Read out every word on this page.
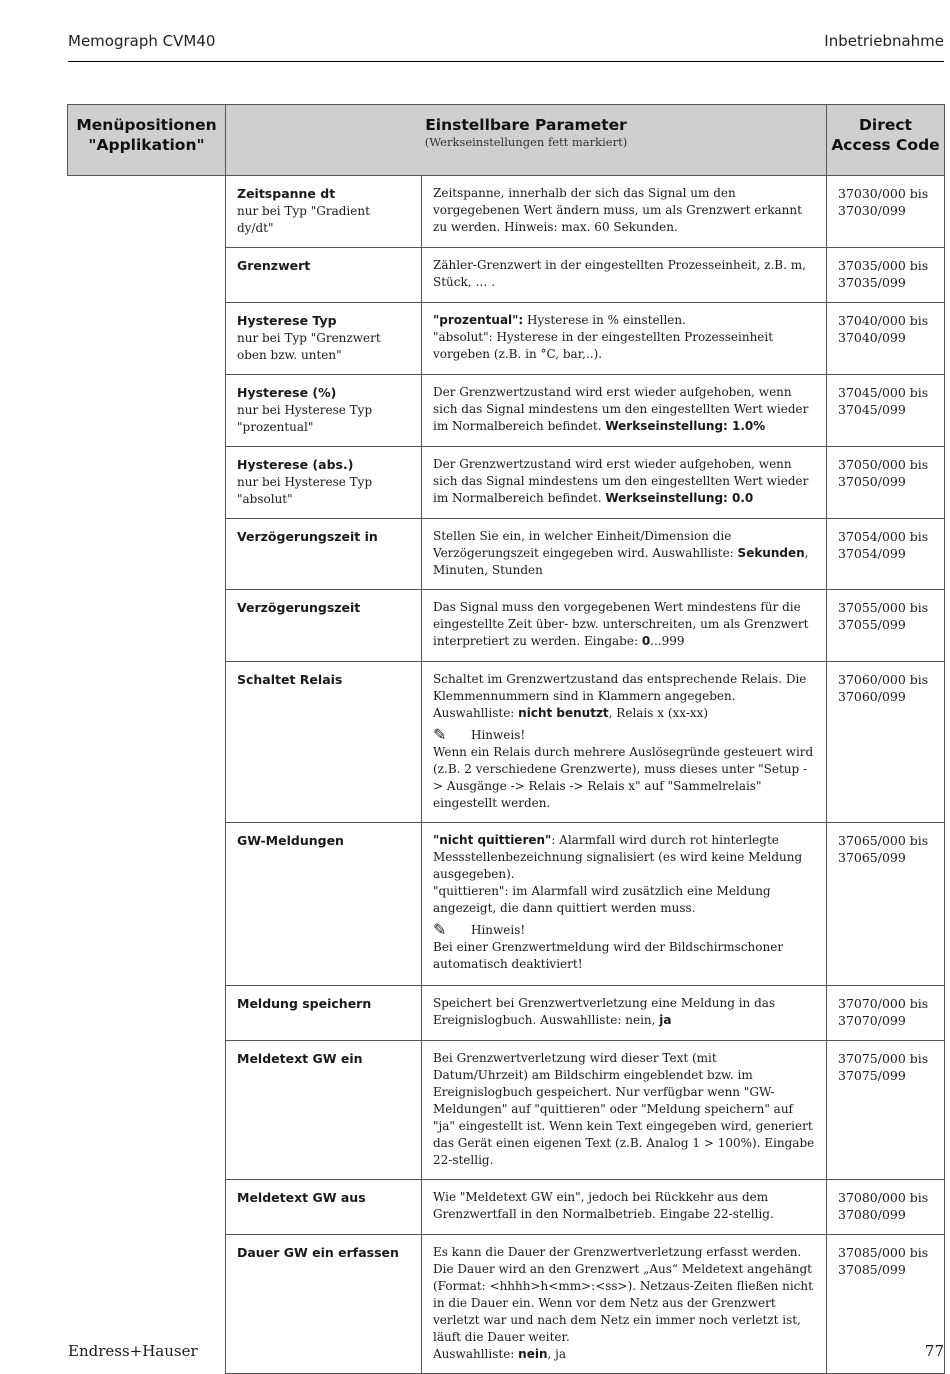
Memograph CVM40	Inbetriebnahme
Menüpositionen
"Applikation"	Einstellbare Parameter
(Werkseinstellungen fett markiert)		Direct
Access Code
	Zeitspanne dt
nur bei Typ "Gradient dy/dt"	Zeitspanne, innerhalb der sich das Signal um den vorgegebenen Wert ändern muss, um als Grenzwert erkannt zu werden. Hinweis: max. 60 Sekunden.	37030/000 bis
37030/099
	Grenzwert	Zähler-Grenzwert in der eingestellten Prozesseinheit, z.B. m, Stück, … .	37035/000 bis
37035/099
	Hysterese Typ
nur bei Typ "Grenzwert oben bzw. unten"	"prozentual": Hysterese in % einstellen.
"absolut": Hysterese in der eingestellten Prozesseinheit vorgeben (z.B. in °C, bar,..).	37040/000 bis
37040/099
	Hysterese (%)
nur bei Hysterese Typ "prozentual"	Der Grenzwertzustand wird erst wieder aufgehoben, wenn sich das Signal mindestens um den eingestellten Wert wieder im Normalbereich befindet. Werkseinstellung: 1.0%	37045/000 bis
37045/099
	Hysterese (abs.)
nur bei Hysterese Typ "absolut"	Der Grenzwertzustand wird erst wieder aufgehoben, wenn sich das Signal mindestens um den eingestellten Wert wieder im Normalbereich befindet. Werkseinstellung: 0.0	37050/000 bis
37050/099
	Verzögerungszeit in	Stellen Sie ein, in welcher Einheit/Dimension die Verzögerungszeit eingegeben wird. Auswahlliste: Sekunden, Minuten, Stunden	37054/000 bis
37054/099
	Verzögerungszeit	Das Signal muss den vorgegebenen Wert mindestens für die eingestellte Zeit über- bzw. unterschreiten, um als Grenzwert interpretiert zu werden. Eingabe: 0...999	37055/000 bis
37055/099
	Schaltet Relais	Schaltet im Grenzwertzustand das entsprechende Relais. Die Klemmennummern sind in Klammern angegeben.
Auswahlliste: nicht benutzt, Relais x (xx-xx)
✎ Hinweis!
Wenn ein Relais durch mehrere Auslösegründe gesteuert wird (z.B. 2 verschiedene Grenzwerte), muss dieses unter "Setup -> Ausgänge -> Relais -> Relais x" auf "Sammelrelais" eingestellt werden.	37060/000 bis
37060/099
	GW-Meldungen	"nicht quittieren": Alarmfall wird durch rot hinterlegte Messstellenbezeichnung signalisiert (es wird keine Meldung ausgegeben).
"quittieren": im Alarmfall wird zusätzlich eine Meldung angezeigt, die dann quittiert werden muss.
✎ Hinweis!
Bei einer Grenzwertmeldung wird der Bildschirmschoner automatisch deaktiviert!	37065/000 bis
37065/099
	Meldung speichern	Speichert bei Grenzwertverletzung eine Meldung in das Ereignislogbuch. Auswahlliste: nein, ja	37070/000 bis
37070/099
	Meldetext GW ein	Bei Grenzwertverletzung wird dieser Text (mit Datum/Uhrzeit) am Bildschirm eingeblendet bzw. im Ereignislogbuch gespeichert. Nur verfügbar wenn "GW-Meldungen" auf "quittieren" oder "Meldung speichern" auf "ja" eingestellt ist. Wenn kein Text eingegeben wird, generiert das Gerät einen eigenen Text (z.B. Analog 1 > 100%). Eingabe 22-stellig.	37075/000 bis
37075/099
	Meldetext GW aus	Wie "Meldetext GW ein", jedoch bei Rückkehr aus dem Grenzwertfall in den Normalbetrieb. Eingabe 22-stellig.	37080/000 bis
37080/099
	Dauer GW ein erfassen	Es kann die Dauer der Grenzwertverletzung erfasst werden. Die Dauer wird an den Grenzwert „Aus“ Meldetext angehängt (Format: <hhhh>h<mm>:<ss>). Netzaus-Zeiten fließen nicht in die Dauer ein. Wenn vor dem Netz aus der Grenzwert verletzt war und nach dem Netz ein immer noch verletzt ist, läuft die Dauer weiter.
Auswahlliste: nein, ja	37085/000 bis
37085/099
Endress+Hauser	77
